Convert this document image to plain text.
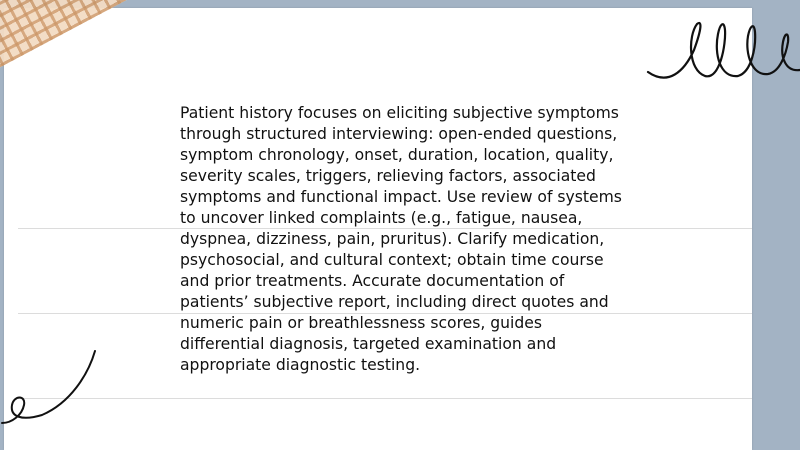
Patient history focuses on eliciting subjective symptoms through structured interviewing: open-ended questions, symptom chronology, onset, duration, location, quality, severity scales, triggers, relieving factors, associated symptoms and functional impact. Use review of systems to uncover linked complaints (e.g., fatigue, nausea, dyspnea, dizziness, pain, pruritus). Clarify medication, psychosocial, and cultural context; obtain time course and prior treatments. Accurate documentation of patients’ subjective report, including direct quotes and numeric pain or breathlessness scores, guides differential diagnosis, targeted examination and appropriate diagnostic testing.
